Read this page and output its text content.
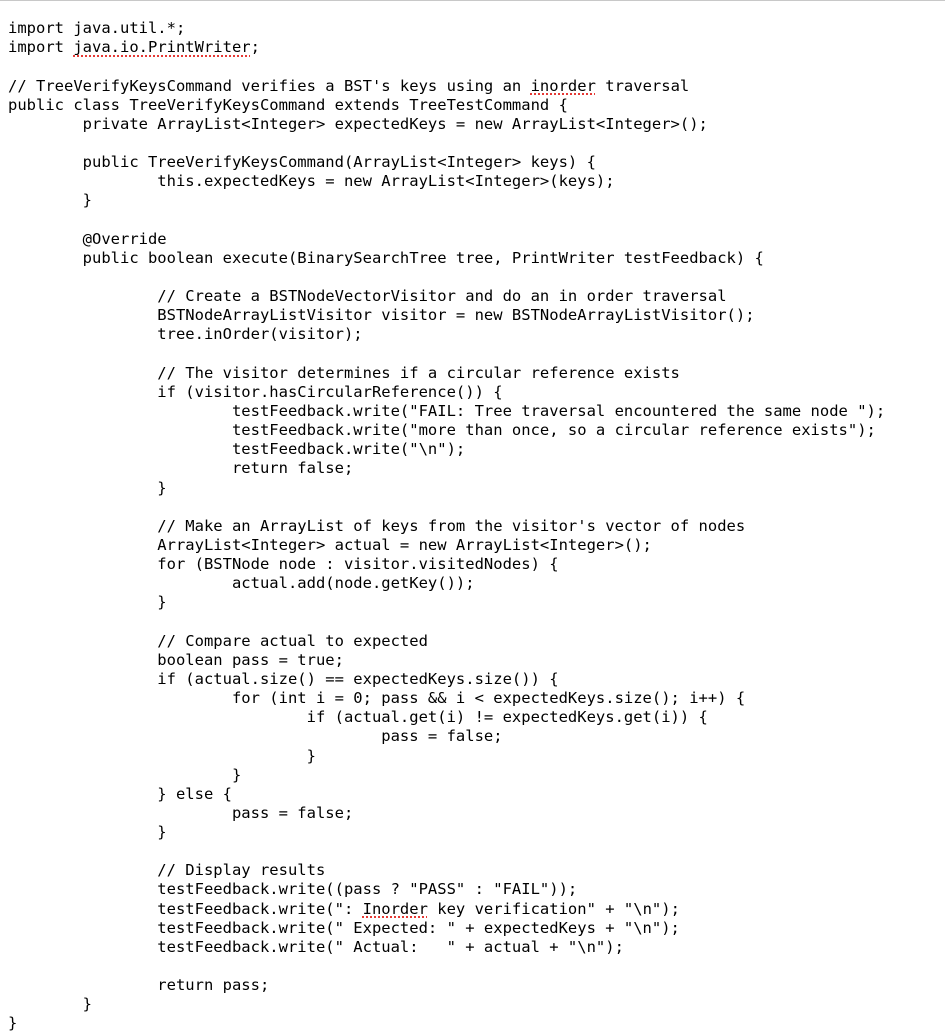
import java.util.*;
import java.io.PrintWriter;
// TreeVerifyKeysCommand verifies a BST's keys using an inorder traversal
public class TreeVerifyKeysCommand extends TreeTestCommand {
private ArrayList<Integer> expectedKeys = new ArrayList<Integer>();
public TreeVerifyKeysCommand(ArrayList<Integer> keys) {
this.expectedKeys = new ArrayList<Integer>(keys);
}
@Override
public boolean execute(BinarySearchTree tree, PrintWriter testFeedback) {
// Create a BSTNodeVectorVisitor and do an in order traversal
BSTNodeArrayListVisitor visitor = new BSTNodeArrayListVisitor();
tree.inOrder(visitor);
// The visitor determines if a circular reference exists
if (visitor.hasCircularReference()) {
testFeedback.write("FAIL: Tree traversal encountered the same node ");
testFeedback.write("more than once, so a circular reference exists");
testFeedback.write("\n");
return false;
}
// Make an ArrayList of keys from the visitor's vector of nodes
ArrayList<Integer> actual = new ArrayList<Integer>();
for (BSTNode node : visitor.visitedNodes) {
actual.add(node.getKey());
}
// Compare actual to expected
boolean pass = true;
if (actual.size() == expectedKeys.size()) {
for (int i = 0; pass && i < expectedKeys.size(); i++) {
if (actual.get(i) != expectedKeys.get(i)) {
pass = false;
}
}
} else {
pass = false;
}
// Display results
testFeedback.write((pass ? "PASS" : "FAIL"));
testFeedback.write(": Inorder key verification" + "\n");
testFeedback.write(" Expected: " + expectedKeys + "\n");
testFeedback.write(" Actual:   " + actual + "\n");
return pass;
}
}
